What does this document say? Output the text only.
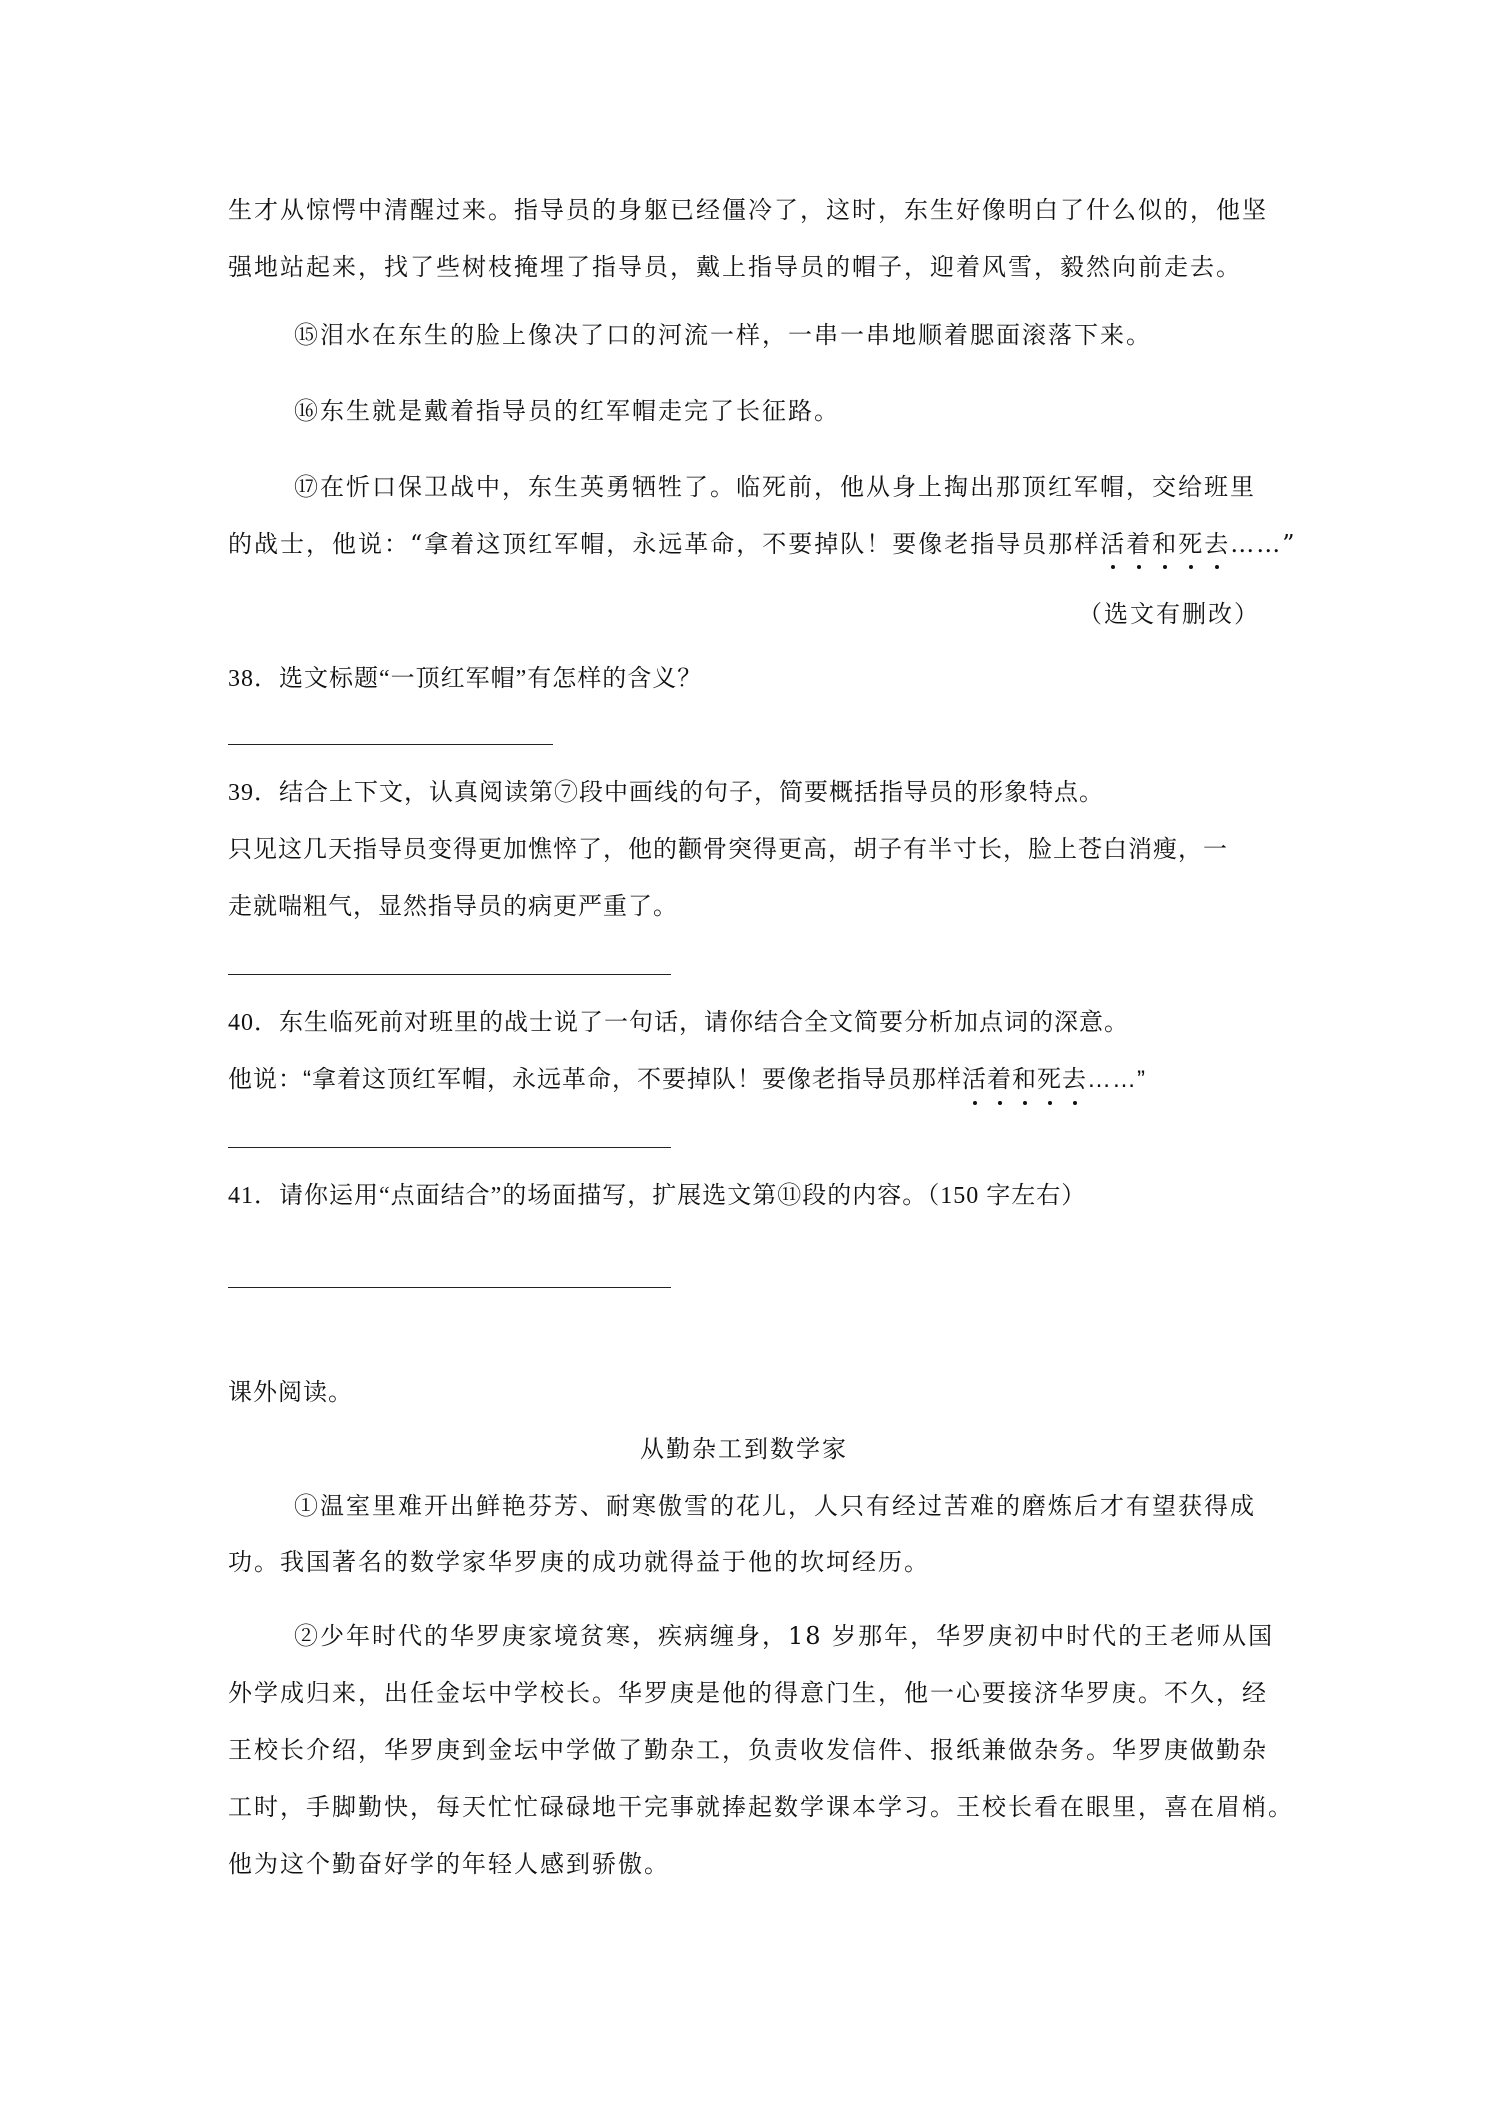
生才从惊愕中清醒过来。指导员的身躯已经僵冷了，这时，东生好像明白了什么似的，他坚
强地站起来，找了些树枝掩埋了指导员，戴上指导员的帽子，迎着风雪，毅然向前走去。
⑮泪水在东生的脸上像决了口的河流一样，一串一串地顺着腮面滚落下来。
⑯东生就是戴着指导员的红军帽走完了长征路。
⑰在忻口保卫战中，东生英勇牺牲了。临死前，他从身上掏出那顶红军帽，交给班里
的战士，他说：“拿着这顶红军帽，永远革命，不要掉队！要像老指导员那样活着和死去……”
（选文有删改）
38．选文标题“一顶红军帽”有怎样的含义？
39．结合上下文，认真阅读第⑦段中画线的句子，简要概括指导员的形象特点。
只见这几天指导员变得更加憔悴了，他的颧骨突得更高，胡子有半寸长，脸上苍白消瘦，一
走就喘粗气，显然指导员的病更严重了。
40．东生临死前对班里的战士说了一句话，请你结合全文简要分析加点词的深意。
他说：“拿着这顶红军帽，永远革命，不要掉队！要像老指导员那样活着和死去……”
41．请你运用“点面结合”的场面描写，扩展选文第⑪段的内容。（150 字左右）
课外阅读。
从勤杂工到数学家
①温室里难开出鲜艳芬芳、耐寒傲雪的花儿，人只有经过苦难的磨炼后才有望获得成
功。我国著名的数学家华罗庚的成功就得益于他的坎坷经历。
②少年时代的华罗庚家境贫寒，疾病缠身，18 岁那年，华罗庚初中时代的王老师从国
外学成归来，出任金坛中学校长。华罗庚是他的得意门生，他一心要接济华罗庚。不久，经
王校长介绍，华罗庚到金坛中学做了勤杂工，负责收发信件、报纸兼做杂务。华罗庚做勤杂
工时，手脚勤快，每天忙忙碌碌地干完事就捧起数学课本学习。王校长看在眼里，喜在眉梢。
他为这个勤奋好学的年轻人感到骄傲。
